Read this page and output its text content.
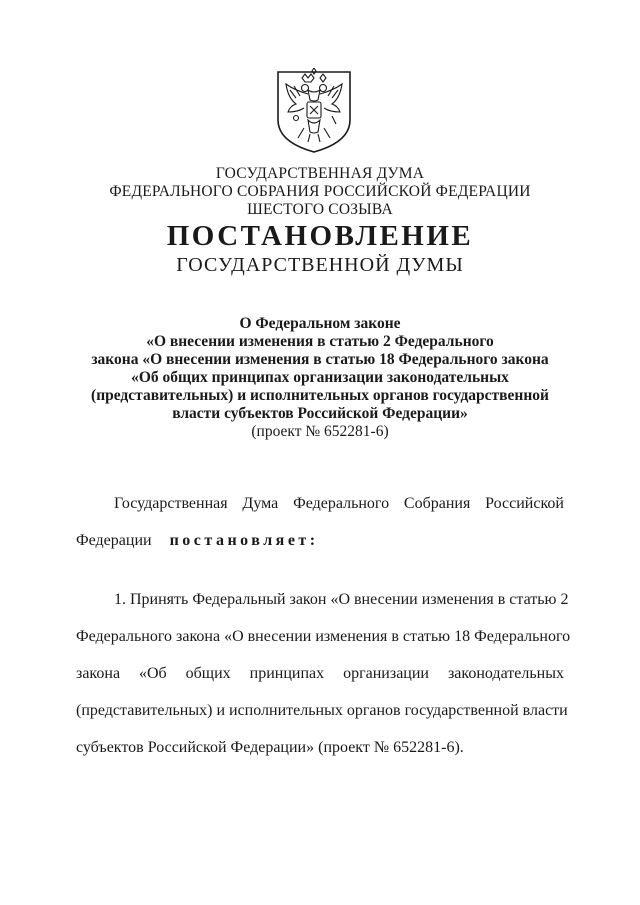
ГОСУДАРСТВЕННАЯ ДУМА
ФЕДЕРАЛЬНОГО СОБРАНИЯ РОССИЙСКОЙ ФЕДЕРАЦИИ
ШЕСТОГО СОЗЫВА
ПОСТАНОВЛЕНИЕ
ГОСУДАРСТВЕННОЙ ДУМЫ
О Федеральном законе
«О внесении изменения в статью 2 Федерального
закона «О внесении изменения в статью 18 Федерального закона
«Об общих принципах организации законодательных
(представительных) и исполнительных органов государственной
власти субъектов Российской Федерации»
(проект № 652281-6)
Государственная Дума Федерального Собрания Российской
Федерации постановляет:
1. Принять Федеральный закон «О внесении изменения в статью 2
Федерального закона «О внесении изменения в статью 18 Федерального
закона «Об общих принципах организации законодательных
(представительных) и исполнительных органов государственной власти
субъектов Российской Федерации» (проект № 652281-6).
